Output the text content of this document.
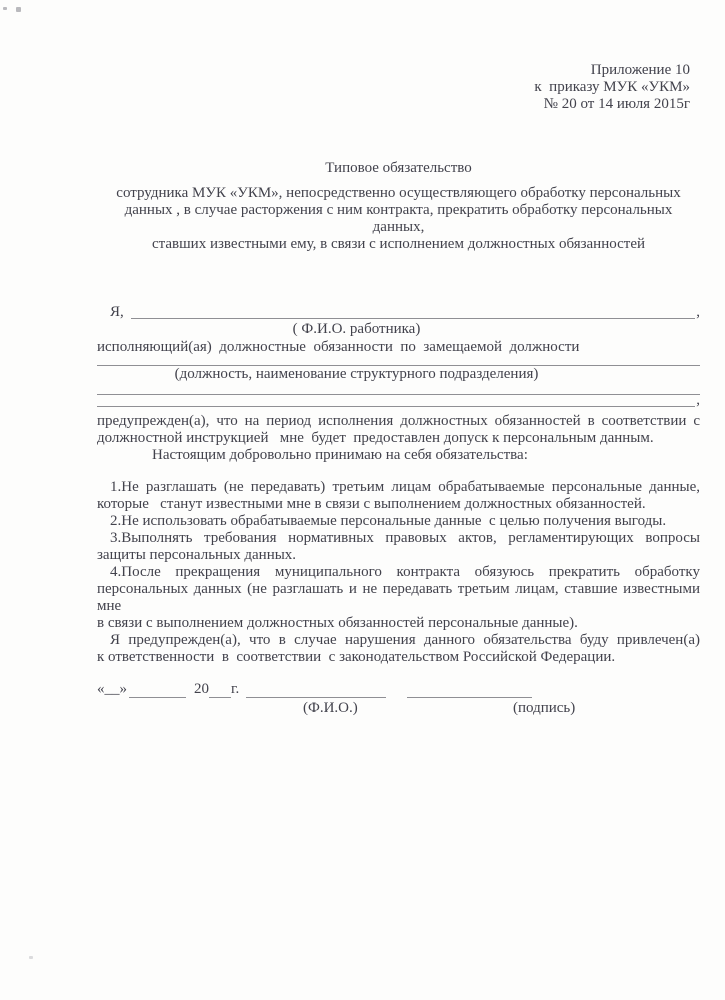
Приложение 10
к  приказу МУК «УКМ»
№ 20 от 14 июля 2015г
Типовое обязательство
сотрудника МУК «УКМ», непосредственно осуществляющего обработку персональных
данных , в случае расторжения с ним контракта, прекратить обработку персональных  данных,
ставших известными ему, в связи с исполнением должностных обязанностей
Я,	,
( Ф.И.О. работника)
исполняющий(ая)  должностные  обязанности  по  замещаемой  должности
(должность, наименование структурного подразделения)
,
предупрежден(а), что на период исполнения должностных обязанностей в соответствии с
должностной инструкцией   мне  будет  предоставлен допуск к персональным данным.
Настоящим добровольно принимаю на себя обязательства:
1.Не разглашать (не передавать) третьим лицам обрабатываемые персональные данные,
которые   станут известными мне в связи с выполнением должностных обязанностей.
2.Не использовать обрабатываемые персональные данные  с целью получения выгоды.
3.Выполнять требования нормативных правовых актов, регламентирующих вопросы
защиты персональных данных.
4.После прекращения муниципального контракта обязуюсь прекратить обработку
персональных данных (не разглашать и не передавать третьим лицам, ставшие известными мне
в связи с выполнением должностных обязанностей персональные данные).
Я предупрежден(а), что в случае нарушения данного обязательства буду привлечен(а)
к ответственности  в  соответствии  с законодательством Российской Федерации.
«__»	20 г.
(Ф.И.О.)	(подпись)
